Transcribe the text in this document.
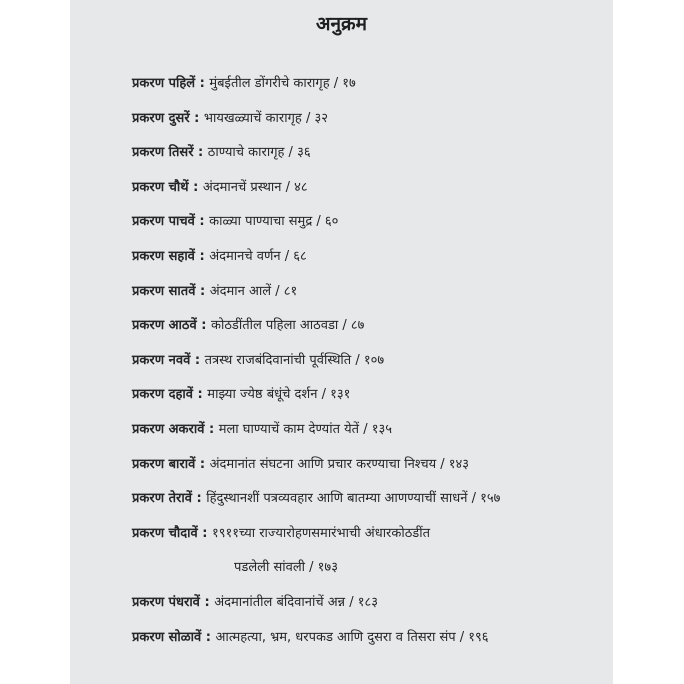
अनुक्रम
प्रकरण पहिलें : मुंबईतील डोंगरीचे कारागृह / १७
प्रकरण दुसरें : भायखळ्याचें कारागृह / ३२
प्रकरण तिसरें : ठाण्याचे कारागृह / ३६
प्रकरण चौथें : अंदमानचें प्रस्थान / ४८
प्रकरण पाचवें : काळ्या पाण्याचा समुद्र / ६०
प्रकरण सहावें : अंदमानचे वर्णन / ६८
प्रकरण सातवें : अंदमान आलें / ८१
प्रकरण आठवें : कोठडींतील पहिला आठवडा / ८७
प्रकरण नववें : तत्रस्थ राजबंदिवानांची पूर्वस्थिति / १०७
प्रकरण दहावें : माझ्या ज्येष्ठ बंधूंचे दर्शन / १३१
प्रकरण अकरावें : मला घाण्याचें काम देण्यांत येतें / १३५
प्रकरण बारावें : अंदमानांत संघटना आणि प्रचार करण्याचा निश्चय / १४३
प्रकरण तेरावें : हिंदुस्थानशीं पत्रव्यवहार आणि बातम्या आणण्याचीं साधनें / १५७
प्रकरण चौदावें : १९११च्या राज्यारोहणसमारंभाची अंधारकोठडींत
पडलेली सांवली / १७३
प्रकरण पंधरावें : अंदमानांतील बंदिवानांचें अन्न / १८३
प्रकरण सोळावें : आत्महत्या, भ्रम, धरपकड आणि दुसरा व तिसरा संप / १९६
